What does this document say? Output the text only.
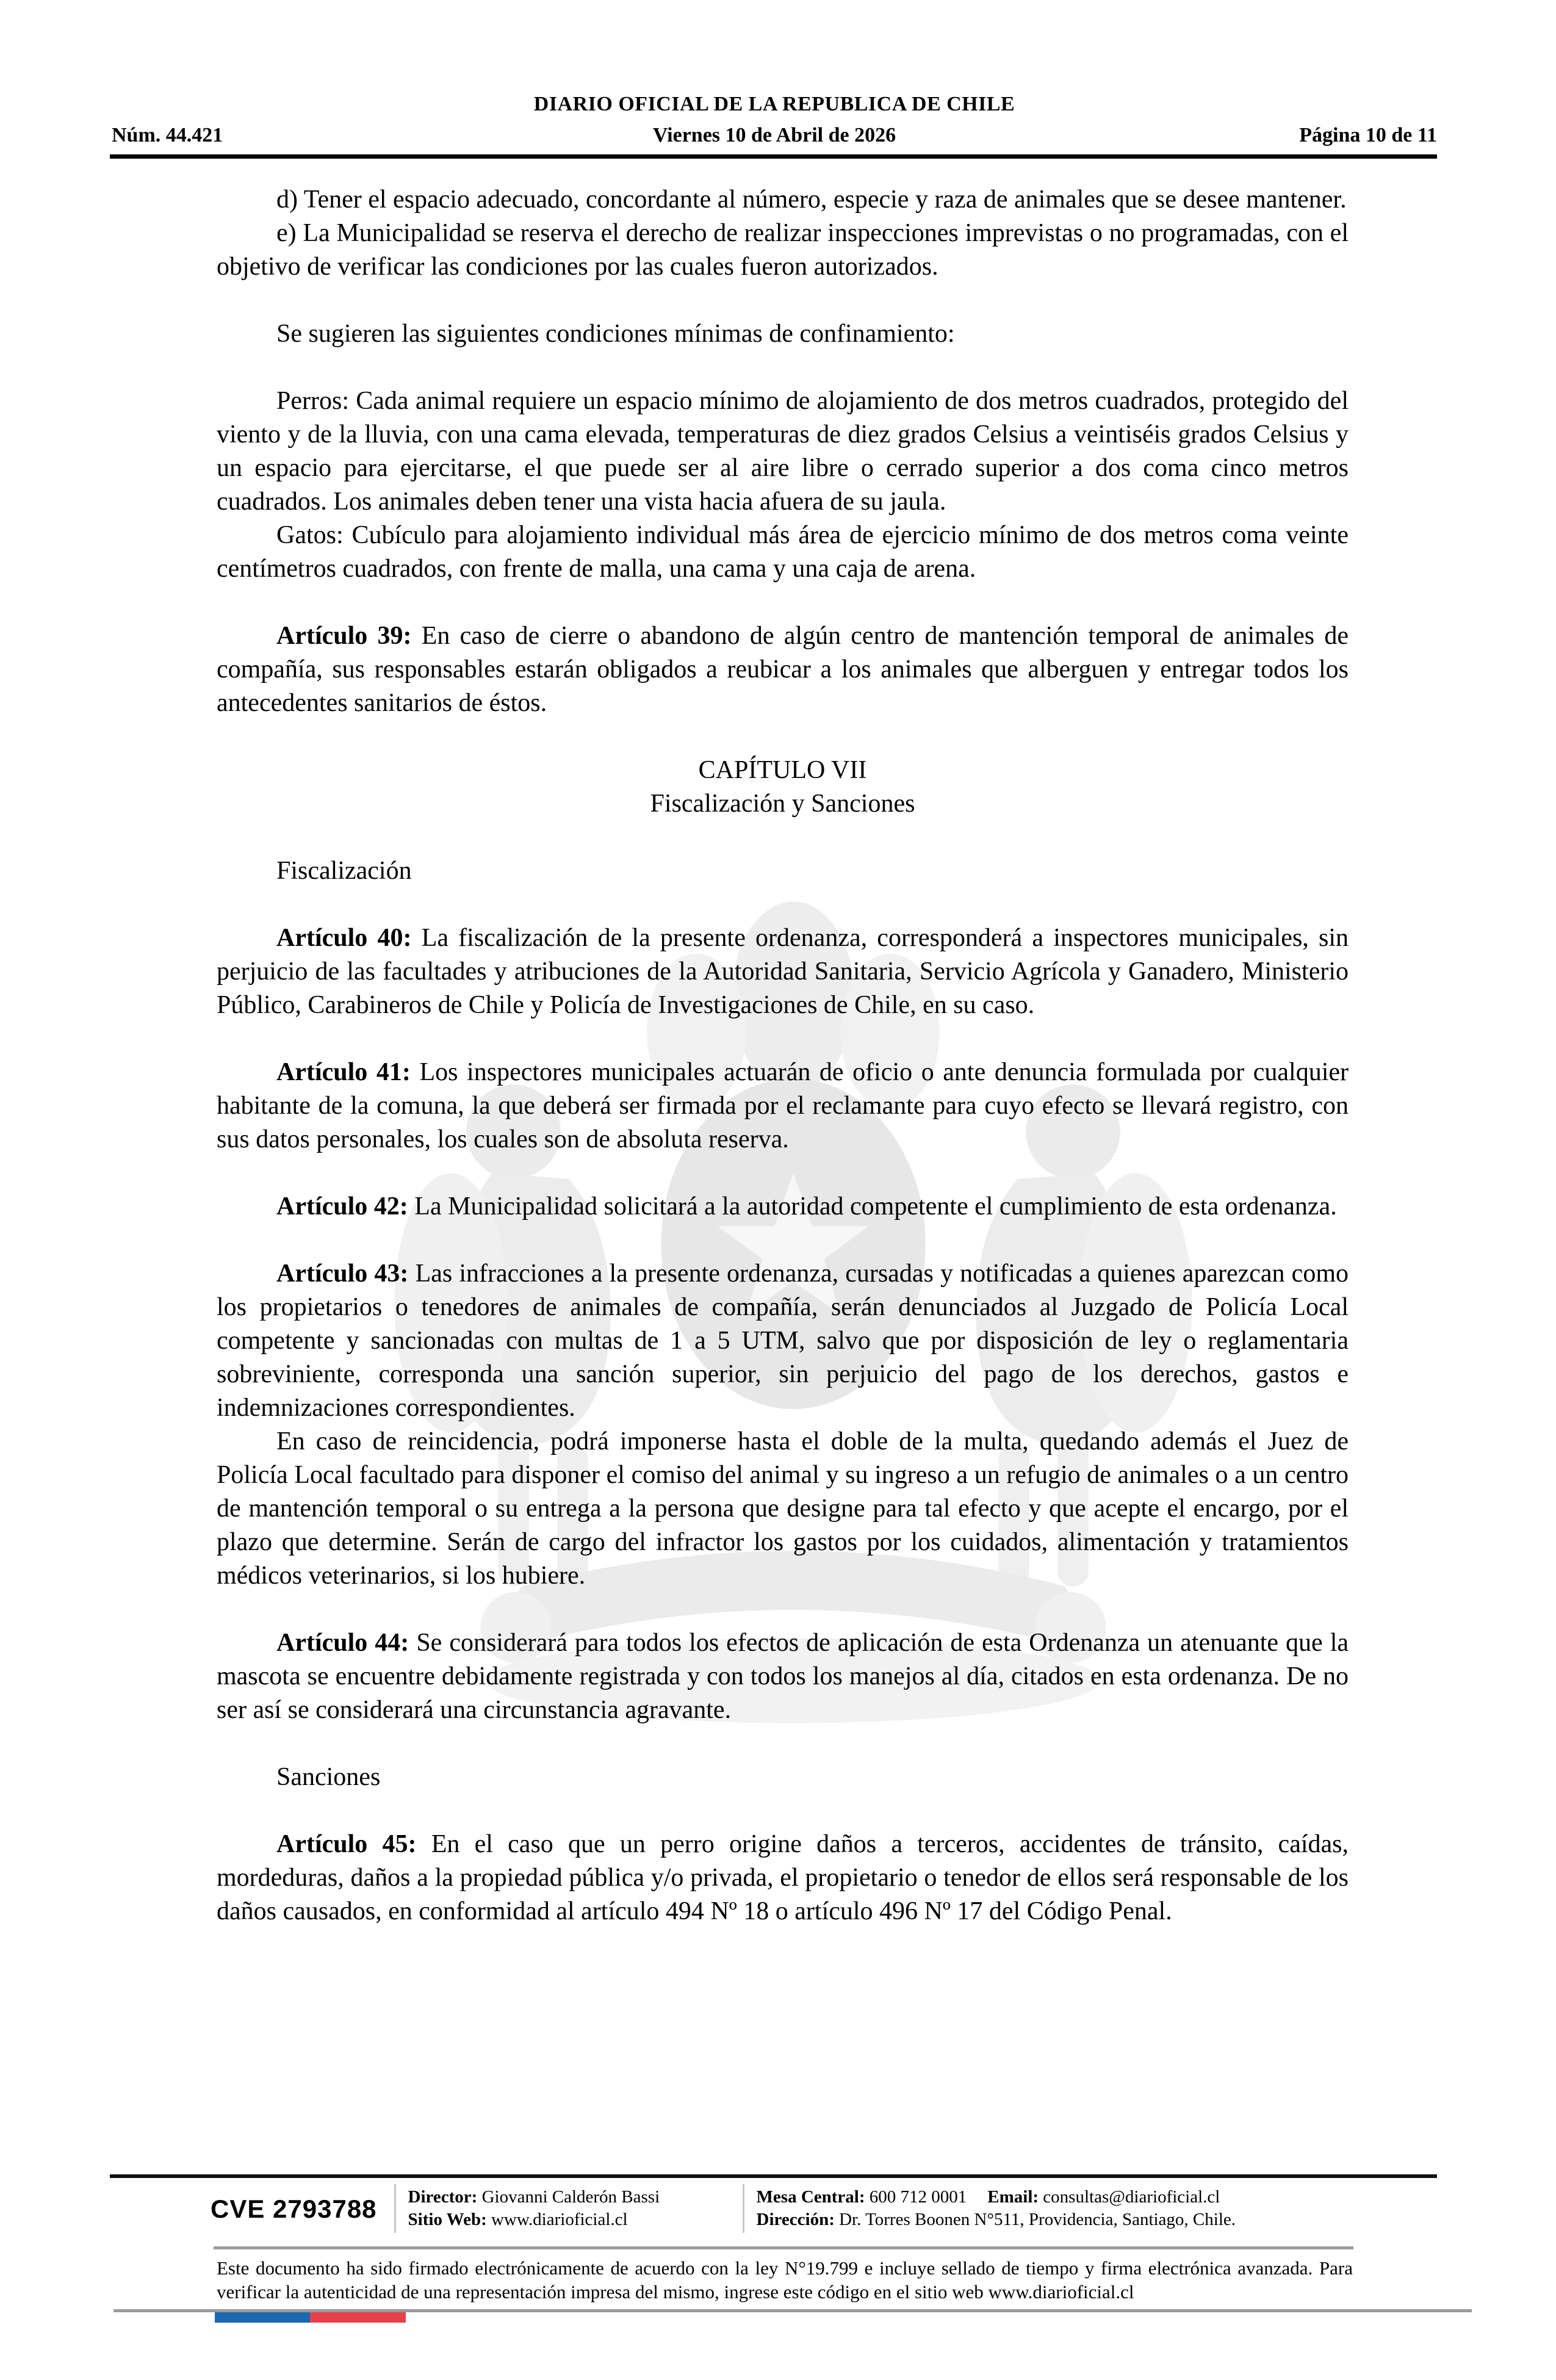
DIARIO OFICIAL DE LA REPUBLICA DE CHILE
Núm. 44.421	Viernes 10 de Abril de 2026	Página 10 de 11

d) Tener el espacio adecuado, concordante al número, especie y raza de animales que se desee mantener.

e) La Municipalidad se reserva el derecho de realizar inspecciones imprevistas o no programadas, con el objetivo de verificar las condiciones por las cuales fueron autorizados.

Se sugieren las siguientes condiciones mínimas de confinamiento:

Perros: Cada animal requiere un espacio mínimo de alojamiento de dos metros cuadrados, protegido del viento y de la lluvia, con una cama elevada, temperaturas de diez grados Celsius a veintiséis grados Celsius y un espacio para ejercitarse, el que puede ser al aire libre o cerrado superior a dos coma cinco metros cuadrados. Los animales deben tener una vista hacia afuera de su jaula.

Gatos: Cubículo para alojamiento individual más área de ejercicio mínimo de dos metros coma veinte centímetros cuadrados, con frente de malla, una cama y una caja de arena.

Artículo 39: En caso de cierre o abandono de algún centro de mantención temporal de animales de compañía, sus responsables estarán obligados a reubicar a los animales que alberguen y entregar todos los antecedentes sanitarios de éstos.

CAPÍTULO VII

Fiscalización y Sanciones

Fiscalización

Artículo 40: La fiscalización de la presente ordenanza, corresponderá a inspectores municipales, sin perjuicio de las facultades y atribuciones de la Autoridad Sanitaria, Servicio Agrícola y Ganadero, Ministerio Público, Carabineros de Chile y Policía de Investigaciones de Chile, en su caso.

Artículo 41: Los inspectores municipales actuarán de oficio o ante denuncia formulada por cualquier habitante de la comuna, la que deberá ser firmada por el reclamante para cuyo efecto se llevará registro, con sus datos personales, los cuales son de absoluta reserva.

Artículo 42: La Municipalidad solicitará a la autoridad competente el cumplimiento de esta ordenanza.

Artículo 43: Las infracciones a la presente ordenanza, cursadas y notificadas a quienes aparezcan como los propietarios o tenedores de animales de compañía, serán denunciados al Juzgado de Policía Local competente y sancionadas con multas de 1 a 5 UTM, salvo que por disposición de ley o reglamentaria sobreviniente, corresponda una sanción superior, sin perjuicio del pago de los derechos, gastos e indemnizaciones correspondientes.

En caso de reincidencia, podrá imponerse hasta el doble de la multa, quedando además el Juez de Policía Local facultado para disponer el comiso del animal y su ingreso a un refugio de animales o a un centro de mantención temporal o su entrega a la persona que designe para tal efecto y que acepte el encargo, por el plazo que determine. Serán de cargo del infractor los gastos por los cuidados, alimentación y tratamientos médicos veterinarios, si los hubiere.

Artículo 44: Se considerará para todos los efectos de aplicación de esta Ordenanza un atenuante que la mascota se encuentre debidamente registrada y con todos los manejos al día, citados en esta ordenanza. De no ser así se considerará una circunstancia agravante.

Sanciones

Artículo 45: En el caso que un perro origine daños a terceros, accidentes de tránsito, caídas, mordeduras, daños a la propiedad pública y/o privada, el propietario o tenedor de ellos será responsable de los daños causados, en conformidad al artículo 494 Nº 18 o artículo 496 Nº 17 del Código Penal.

CVE 2793788	Director: Giovanni Calderón Bassi
Sitio Web: www.diarioficial.cl
Mesa Central: 600 712 0001 Email: consultas@diarioficial.cl
Dirección: Dr. Torres Boonen N°511, Providencia, Santiago, Chile.
Este documento ha sido firmado electrónicamente de acuerdo con la ley N°19.799 e incluye sellado de tiempo y firma electrónica avanzada. Para verificar la autenticidad de una representación impresa del mismo, ingrese este código en el sitio web www.diarioficial.cl
